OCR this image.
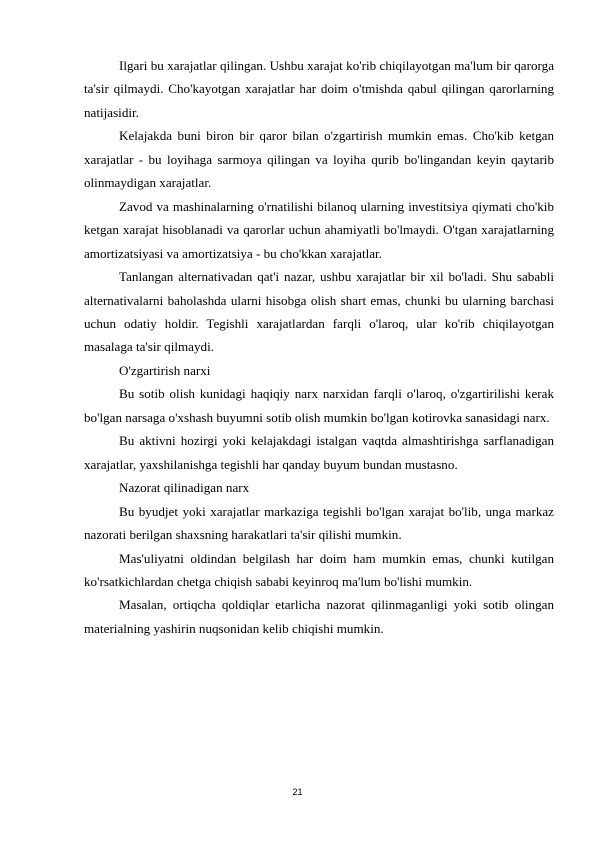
Ilgari bu xarajatlar qilingan. Ushbu xarajat ko'rib chiqilayotgan ma'lum bir qarorga ta'sir qilmaydi. Cho'kayotgan xarajatlar har doim o'tmishda qabul qilingan qarorlarning natijasidir.

Kelajakda buni biron bir qaror bilan o'zgartirish mumkin emas. Cho'kib ketgan xarajatlar - bu loyihaga sarmoya qilingan va loyiha qurib bo'lingandan keyin qaytarib olinmaydigan xarajatlar.

Zavod va mashinalarning o'rnatilishi bilanoq ularning investitsiya qiymati cho'kib ketgan xarajat hisoblanadi va qarorlar uchun ahamiyatli bo'lmaydi. O'tgan xarajatlarning amortizatsiyasi va amortizatsiya - bu cho'kkan xarajatlar.

Tanlangan alternativadan qat'i nazar, ushbu xarajatlar bir xil bo'ladi. Shu sababli alternativalarni baholashda ularni hisobga olish shart emas, chunki bu ularning barchasi uchun odatiy holdir. Tegishli xarajatlardan farqli o'laroq, ular ko'rib chiqilayotgan masalaga ta'sir qilmaydi.

O'zgartirish narxi

Bu sotib olish kunidagi haqiqiy narx narxidan farqli o'laroq, o'zgartirilishi kerak bo'lgan narsaga o'xshash buyumni sotib olish mumkin bo'lgan kotirovka sanasidagi narx.

Bu aktivni hozirgi yoki kelajakdagi istalgan vaqtda almashtirishga sarflanadigan xarajatlar, yaxshilanishga tegishli har qanday buyum bundan mustasno.

Nazorat qilinadigan narx

Bu byudjet yoki xarajatlar markaziga tegishli bo'lgan xarajat bo'lib, unga markaz nazorati berilgan shaxsning harakatlari ta'sir qilishi mumkin.

Mas'uliyatni oldindan belgilash har doim ham mumkin emas, chunki kutilgan ko'rsatkichlardan chetga chiqish sababi keyinroq ma'lum bo'lishi mumkin.

Masalan, ortiqcha qoldiqlar etarlicha nazorat qilinmaganligi yoki sotib olingan materialning yashirin nuqsonidan kelib chiqishi mumkin.

21
